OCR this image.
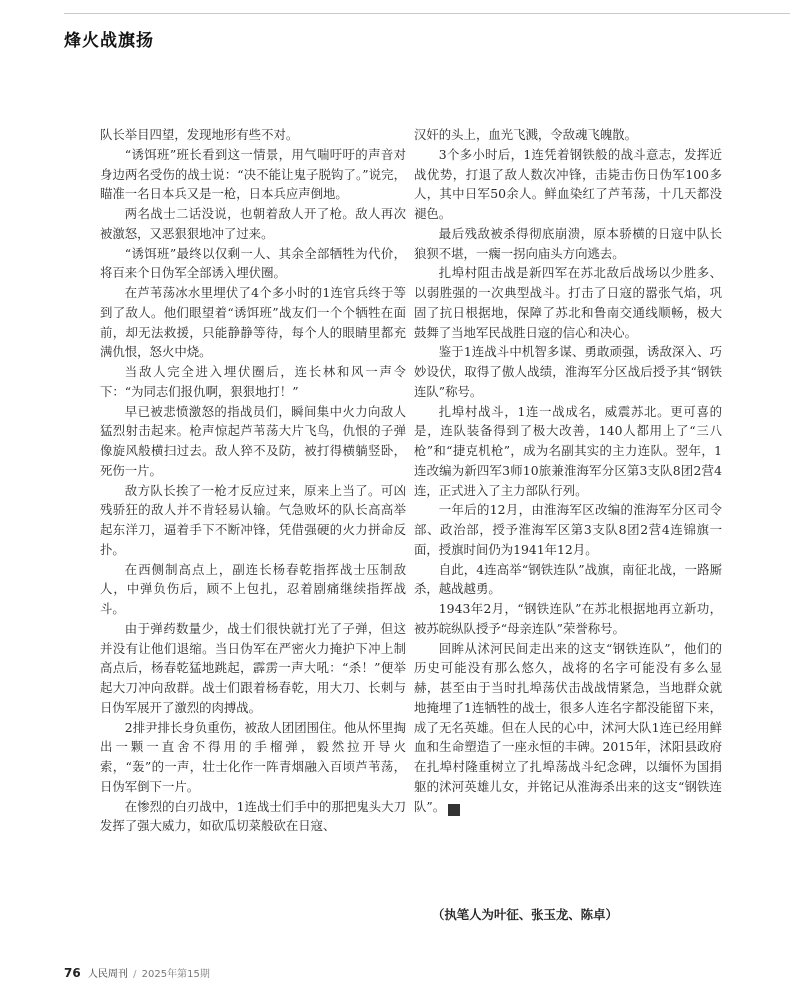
烽火战旗扬

队长举目四望，发现地形有些不对。

“诱饵班”班长看到这一情景，用气喘吁吁的声音对身边两名受伤的战士说：“决不能让鬼子脱钩了。”说完，瞄准一名日本兵又是一枪，日本兵应声倒地。

两名战士二话没说，也朝着敌人开了枪。敌人再次被激怒，又恶狠狠地冲了过来。

“诱饵班”最终以仅剩一人、其余全部牺牲为代价，将百来个日伪军全部诱入埋伏圈。

在芦苇荡冰水里埋伏了4个多小时的1连官兵终于等到了敌人。他们眼望着“诱饵班”战友们一个个牺牲在面前，却无法救援，只能静静等待，每个人的眼睛里都充满仇恨，怒火中烧。

当敌人完全进入埋伏圈后，连长林和风一声令下：“为同志们报仇啊，狠狠地打！”

早已被悲愤激怒的指战员们，瞬间集中火力向敌人猛烈射击起来。枪声惊起芦苇荡大片飞鸟，仇恨的子弹像旋风般横扫过去。敌人猝不及防，被打得横躺竖卧，死伤一片。

敌方队长挨了一枪才反应过来，原来上当了。可凶残骄狂的敌人并不肯轻易认输。气急败坏的队长高高举起东洋刀，逼着手下不断冲锋，凭借强硬的火力拼命反扑。

在西侧制高点上，副连长杨春乾指挥战士压制敌人，中弹负伤后，顾不上包扎，忍着剧痛继续指挥战斗。

由于弹药数量少，战士们很快就打光了子弹，但这并没有让他们退缩。当日伪军在严密火力掩护下冲上制高点后，杨春乾猛地跳起，霹雳一声大吼：“杀！”便举起大刀冲向敌群。战士们跟着杨春乾，用大刀、长刺与日伪军展开了激烈的肉搏战。

2排尹排长身负重伤，被敌人团团围住。他从怀里掏出一颗一直舍不得用的手榴弹，毅然拉开导火索，“轰”的一声，壮士化作一阵青烟融入百顷芦苇荡，日伪军倒下一片。

在惨烈的白刃战中，1连战士们手中的那把鬼头大刀发挥了强大威力，如砍瓜切菜般砍在日寇、

汉奸的头上，血光飞溅，令敌魂飞魄散。

3个多小时后，1连凭着钢铁般的战斗意志，发挥近战优势，打退了敌人数次冲锋，击毙击伤日伪军100多人，其中日军50余人。鲜血染红了芦苇荡，十几天都没褪色。

最后残敌被杀得彻底崩溃，原本骄横的日寇中队长狼狈不堪，一瘸一拐向庙头方向逃去。

扎埠村阻击战是新四军在苏北敌后战场以少胜多、以弱胜强的一次典型战斗。打击了日寇的嚣张气焰，巩固了抗日根据地，保障了苏北和鲁南交通线顺畅，极大鼓舞了当地军民战胜日寇的信心和决心。

鉴于1连战斗中机智多谋、勇敢顽强，诱敌深入、巧妙设伏，取得了傲人战绩，淮海军分区战后授予其“钢铁连队”称号。

扎埠村战斗，1连一战成名，威震苏北。更可喜的是，连队装备得到了极大改善，140人都用上了“三八枪”和“捷克机枪”，成为名副其实的主力连队。翌年，1连改编为新四军3师10旅兼淮海军分区第3支队8团2营4连，正式进入了主力部队行列。

一年后的12月，由淮海军区改编的淮海军分区司令部、政治部，授予淮海军区第3支队8团2营4连锦旗一面，授旗时间仍为1941年12月。

自此，4连高举“钢铁连队”战旗，南征北战，一路厮杀，越战越勇。

1943年2月，“钢铁连队”在苏北根据地再立新功，被苏皖纵队授予“母亲连队”荣誉称号。

回眸从沭河民间走出来的这支“钢铁连队”，他们的历史可能没有那么悠久，战将的名字可能没有多么显赫，甚至由于当时扎埠荡伏击战战情紧急，当地群众就地掩埋了1连牺牲的战士，很多人连名字都没能留下来，成了无名英雄。但在人民的心中，沭河大队1连已经用鲜血和生命塑造了一座永恒的丰碑。2015年，沭阳县政府在扎埠村隆重树立了扎埠荡战斗纪念碑，以缅怀为国捐躯的沭河英雄儿女，并铭记从淮海杀出来的这支“钢铁连队”。	K

（执笔人为叶征、张玉龙、陈卓）
76 人民周刊 / 2025年第15期
